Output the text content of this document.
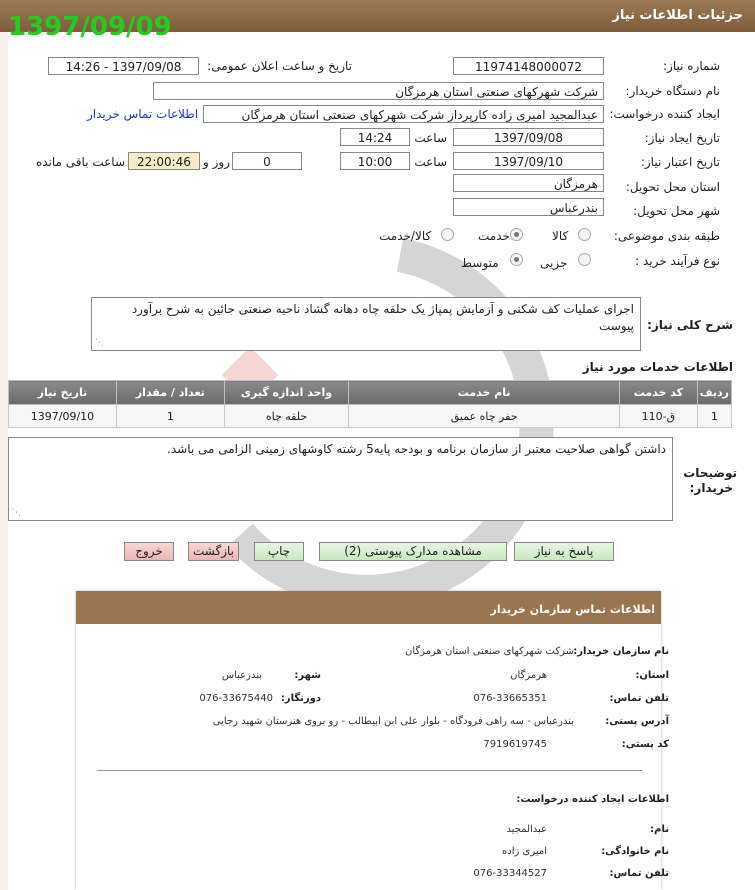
جزئیات اطلاعات نیاز
1397/09/09
شماره نیاز:
11974148000072
تاریخ و ساعت اعلان عمومی:
1397/09/08 - 14:26
نام دستگاه خریدار:
شرکت شهرکهای صنعتی استان هرمزگان
ایجاد کننده درخواست:
عبدالمجید امیری زاده کارپرداز شرکت شهرکهای صنعتی استان هرمزگان
اطلاعات تماس خریدار
تاریخ ایجاد نیاز:
1397/09/08
ساعت
14:24
تاریخ اعتبار نیاز:
1397/09/10
ساعت
10:00
0
روز و
22:00:46
ساعت باقی مانده
استان محل تحویل:
هرمزگان
شهر محل تحویل:
بندرعباس
طبقه بندی موضوعی:
کالا
خدمت
کالا/خدمت
نوع فرآیند خرید :
جزیی
متوسط
شرح کلی نیاز:
اجرای عملیات کف شکنی و آزمایش پمپاژ یک حلقه چاه دهانه گشاد ناحیه صنعتی جائین به شرح برآورد پیوست
⋰
اطلاعات خدمات مورد نیاز
ردیف	کد خدمت	نام خدمت	واحد اندازه گیری	تعداد / مقدار	تاریخ نیاز
1	ق-110	حفر چاه عمیق	حلقه چاه	1	1397/09/10
توضیحات
خریدار:
داشتن گواهی صلاحیت معتبر از سازمان برنامه و بودجه پایه5 رشته کاوشهای زمینی الزامی می باشد.
⋰
پاسخ به نیاز
مشاهده مدارک پیوستی (2)
چاپ
بازگشت
خروج
اطلاعات تماس سازمان خریدار
نام سازمان خریدار:
شرکت شهرکهای صنعتی استان هرمزگان
استان:
هرمزگان
شهر:
بندرعباس
تلفن تماس:
076-33665351
دورنگار:
076-33675440
آدرس پستی:
بندرعباس - سه راهی فرودگاه - بلوار علی ابن ابیطالب - رو بروی هنرستان شهید رجایی
کد پستی:
7919619745
اطلاعات ایجاد کننده درخواست:
نام:
عبدالمجید
نام خانوادگی:
امیری زاده
تلفن تماس:
076-33344527
